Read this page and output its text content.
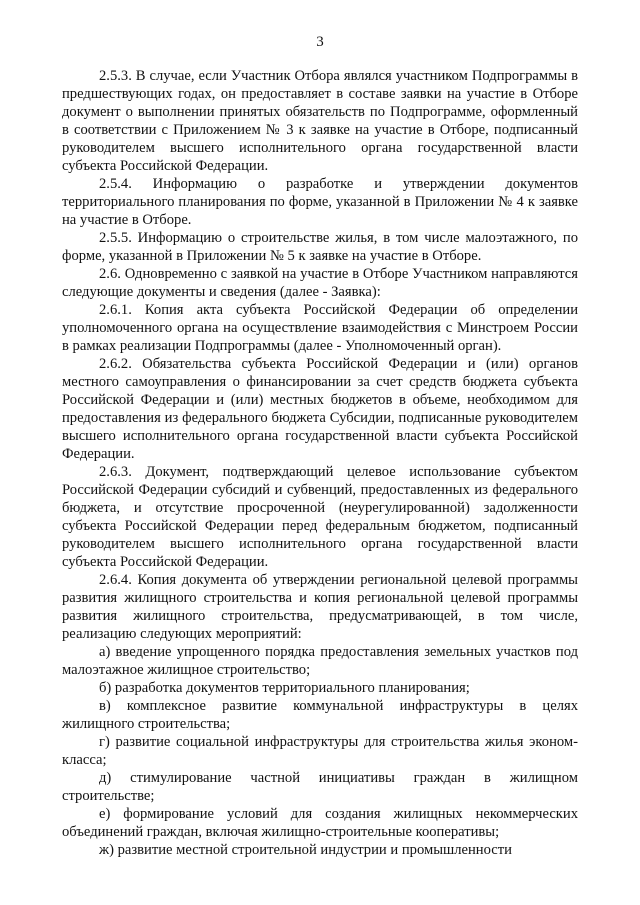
3

2.5.3. В случае, если Участник Отбора являлся участником Подпрограммы в предшествующих годах, он предоставляет в составе заявки на участие в Отборе документ о выполнении принятых обязательств по Подпрограмме, оформленный в соответствии с Приложением № 3 к заявке на участие в Отборе, подписанный руководителем высшего исполнительного органа государственной власти субъекта Российской Федерации.

2.5.4. Информацию о разработке и утверждении документов территориального планирования по форме, указанной в Приложении № 4 к заявке на участие в Отборе.

2.5.5. Информацию о строительстве жилья, в том числе малоэтажного, по форме, указанной в Приложении № 5 к заявке на участие в Отборе.

2.6. Одновременно с заявкой на участие в Отборе Участником направляются следующие документы и сведения (далее - Заявка):

2.6.1. Копия акта субъекта Российской Федерации об определении уполномоченного органа на осуществление взаимодействия с Минстроем России в рамках реализации Подпрограммы (далее - Уполномоченный орган).

2.6.2. Обязательства субъекта Российской Федерации и (или) органов местного самоуправления о финансировании за счет средств бюджета субъекта Российской Федерации и (или) местных бюджетов в объеме, необходимом для предоставления из федерального бюджета Субсидии, подписанные руководителем высшего исполнительного органа государственной власти субъекта Российской Федерации.

2.6.3. Документ, подтверждающий целевое использование субъектом Российской Федерации субсидий и субвенций, предоставленных из федерального бюджета, и отсутствие просроченной (неурегулированной) задолженности субъекта Российской Федерации перед федеральным бюджетом, подписанный руководителем высшего исполнительного органа государственной власти субъекта Российской Федерации.

2.6.4. Копия документа об утверждении региональной целевой программы развития жилищного строительства и копия региональной целевой программы развития жилищного строительства, предусматривающей, в том числе, реализацию следующих мероприятий:

а) введение упрощенного порядка предоставления земельных участков под малоэтажное жилищное строительство;

б) разработка документов территориального планирования;

в) комплексное развитие коммунальной инфраструктуры в целях жилищного строительства;

г) развитие социальной инфраструктуры для строительства жилья эконом-класса;

д) стимулирование частной инициативы граждан в жилищном строительстве;

е) формирование условий для создания жилищных некоммерческих объединений граждан, включая жилищно-строительные кооперативы;

ж) развитие местной строительной индустрии и промышленности
